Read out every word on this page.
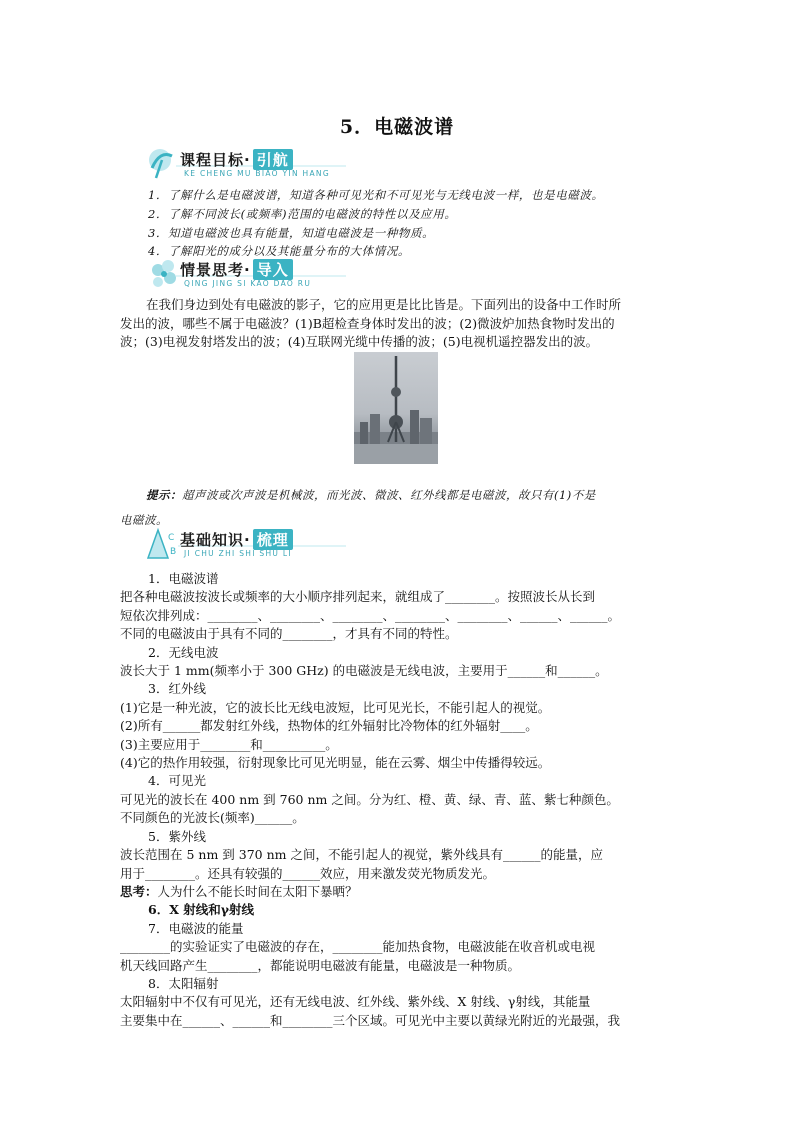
5．电磁波谱
课程目标· 引航
KE CHENG MU BIAO YIN HANG
1．了解什么是电磁波谱，知道各种可见光和不可见光与无线电波一样，也是电磁波。
2．了解不同波长(或频率)范围的电磁波的特性以及应用。
3．知道电磁波也具有能量，知道电磁波是一种物质。
4．了解阳光的成分以及其能量分布的大体情况。
情景思考· 导入
QING JING SI KAO DAO RU
在我们身边到处有电磁波的影子，它的应用更是比比皆是。下面列出的设备中工作时所
发出的波，哪些不属于电磁波？(1)B超检查身体时发出的波；(2)微波炉加热食物时发出的
波；(3)电视发射塔发出的波；(4)互联网光缆中传播的波；(5)电视机遥控器发出的波。
提示：超声波或次声波是机械波，而光波、微波、红外线都是电磁波，故只有(1)不是
电磁波。
C
B
基础知识· 梳理
JI CHU ZHI SHI SHU LI
1．电磁波谱
把各种电磁波按波长或频率的大小顺序排列起来，就组成了________。按照波长从长到
短依次排列成：________、________、________、________、________、______、______。
不同的电磁波由于具有不同的________，才具有不同的特性。
2．无线电波
波长大于 1 mm(频率小于 300 GHz) 的电磁波是无线电波，主要用于______和______。
3．红外线
(1)它是一种光波，它的波长比无线电波短，比可见光长，不能引起人的视觉。
(2)所有______都发射红外线，热物体的红外辐射比冷物体的红外辐射____。
(3)主要应用于________和__________。
(4)它的热作用较强，衍射现象比可见光明显，能在云雾、烟尘中传播得较远。
4．可见光
可见光的波长在 400 nm 到 760 nm 之间。分为红、橙、黄、绿、青、蓝、紫七种颜色。
不同颜色的光波长(频率)______。
5．紫外线
波长范围在 5 nm 到 370 nm 之间，不能引起人的视觉，紫外线具有______的能量，应
用于________。还具有较强的______效应，用来激发荧光物质发光。
思考：人为什么不能长时间在太阳下暴晒？
6．X 射线和γ射线
7．电磁波的能量
________的实验证实了电磁波的存在，________能加热食物，电磁波能在收音机或电视
机天线回路产生________，都能说明电磁波有能量，电磁波是一种物质。
8．太阳辐射
太阳辐射中不仅有可见光，还有无线电波、红外线、紫外线、X 射线、γ射线，其能量
主要集中在______、______和________三个区域。可见光中主要以黄绿光附近的光最强，我
